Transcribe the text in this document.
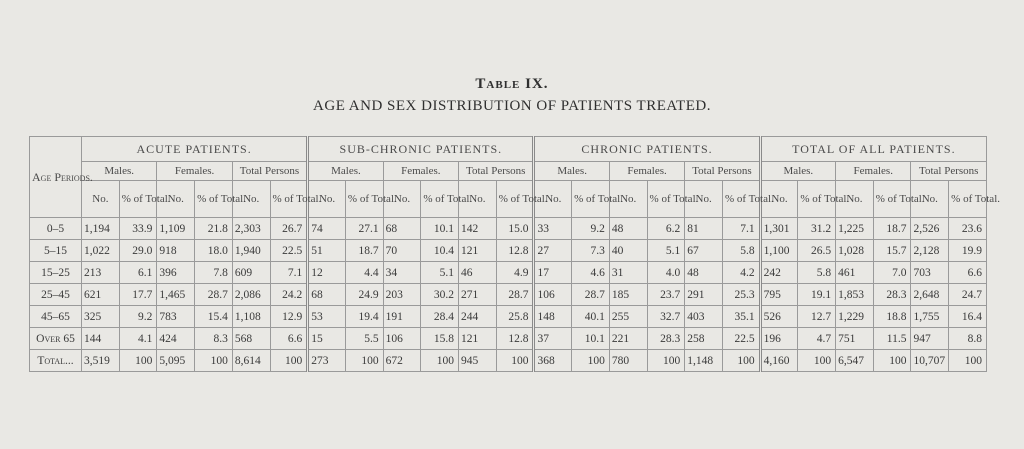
Table IX.
AGE AND SEX DISTRIBUTION OF PATIENTS TREATED.
Age Periods.	ACUTE PATIENTS.						SUB-CHRONIC PATIENTS.						CHRONIC PATIENTS.						TOTAL OF ALL PATIENTS.					
	Males.		Females.		Total Persons		Males.		Females.		Total Persons		Males.		Females.		Total Persons		Males.		Females.		Total Persons	
	No.	% of Total.	No.	% of Total.	No.	% of Total.	No.	% of Total.	No.	% of Total.	No.	% of Total.	No.	% of Total.	No.	% of Total.	No.	% of Total.	No.	% of Total.	No.	% of Total.	No.	% of Total.
0–5	1,194	33.9	1,109	21.8	2,303	26.7	74	27.1	68	10.1	142	15.0	33	9.2	48	6.2	81	7.1	1,301	31.2	1,225	18.7	2,526	23.6
5–15	1,022	29.0	918	18.0	1,940	22.5	51	18.7	70	10.4	121	12.8	27	7.3	40	5.1	67	5.8	1,100	26.5	1,028	15.7	2,128	19.9
15–25	213	6.1	396	7.8	609	7.1	12	4.4	34	5.1	46	4.9	17	4.6	31	4.0	48	4.2	242	5.8	461	7.0	703	6.6
25–45	621	17.7	1,465	28.7	2,086	24.2	68	24.9	203	30.2	271	28.7	106	28.7	185	23.7	291	25.3	795	19.1	1,853	28.3	2,648	24.7
45–65	325	9.2	783	15.4	1,108	12.9	53	19.4	191	28.4	244	25.8	148	40.1	255	32.7	403	35.1	526	12.7	1,229	18.8	1,755	16.4
Over 65	144	4.1	424	8.3	568	6.6	15	5.5	106	15.8	121	12.8	37	10.1	221	28.3	258	22.5	196	4.7	751	11.5	947	8.8
Total...	3,519	100	5,095	100	8,614	100	273	100	672	100	945	100	368	100	780	100	1,148	100	4,160	100	6,547	100	10,707	100
